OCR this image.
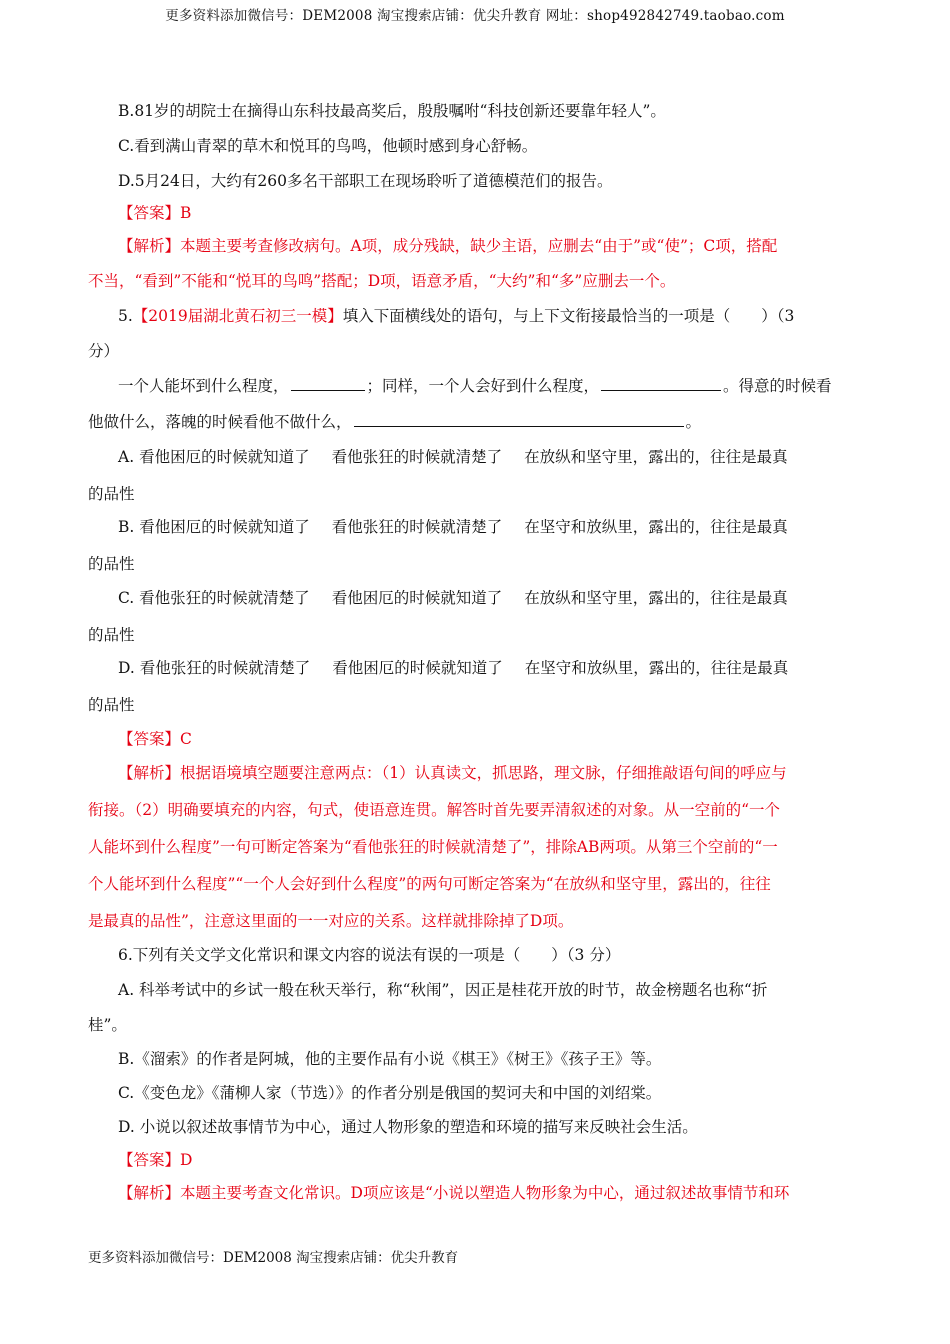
更多资料添加微信号：DEM2008 淘宝搜索店铺：优尖升教育 网址：shop492842749.taobao.com
B.81岁的胡院士在摘得山东科技最高奖后，殷殷嘱咐“科技创新还要靠年轻人”。
C.看到满山青翠的草木和悦耳的鸟鸣，他顿时感到身心舒畅。
D.5月24日，大约有260多名干部职工在现场聆听了道德模范们的报告。
【答案】B
【解析】本题主要考查修改病句。A项，成分残缺，缺少主语，应删去“由于”或“使”；C项，搭配
不当，“看到”不能和“悦耳的鸟鸣”搭配；D项，语意矛盾，“大约”和“多”应删去一个。
5.【2019届湖北黄石初三一模】填入下面横线处的语句，与上下文衔接最恰当的一项是（　　）（3
分）
一个人能坏到什么程度，	；同样，一个人会好到什么程度，	。得意的时候看
他做什么，落魄的时候看他不做什么，	。
A. 看他困厄的时候就知道了 看他张狂的时候就清楚了 在放纵和坚守里，露出的，往往是最真
的品性
B. 看他困厄的时候就知道了 看他张狂的时候就清楚了 在坚守和放纵里，露出的，往往是最真
的品性
C. 看他张狂的时候就清楚了 看他困厄的时候就知道了 在放纵和坚守里，露出的，往往是最真
的品性
D. 看他张狂的时候就清楚了 看他困厄的时候就知道了 在坚守和放纵里，露出的，往往是最真
的品性
【答案】C
【解析】根据语境填空题要注意两点：（1）认真读文，抓思路，理文脉，仔细推敲语句间的呼应与
衔接。（2）明确要填充的内容，句式，使语意连贯。解答时首先要弄清叙述的对象。从一空前的“一个
人能坏到什么程度”一句可断定答案为“看他张狂的时候就清楚了”，排除AB两项。从第三个空前的“一
个人能坏到什么程度”“一个人会好到什么程度”的两句可断定答案为“在放纵和坚守里，露出的，往往
是最真的品性”，注意这里面的一一对应的关系。这样就排除掉了D项。
6.下列有关文学文化常识和课文内容的说法有误的一项是（　　）（3 分）
A. 科举考试中的乡试一般在秋天举行，称“秋闱”，因正是桂花开放的时节，故金榜题名也称“折
桂”。
B.《溜索》的作者是阿城，他的主要作品有小说《棋王》《树王》《孩子王》等。
C.《变色龙》《蒲柳人家（节选）》的作者分别是俄国的契诃夫和中国的刘绍棠。
D. 小说以叙述故事情节为中心，通过人物形象的塑造和环境的描写来反映社会生活。
【答案】D
【解析】本题主要考查文化常识。D项应该是“小说以塑造人物形象为中心，通过叙述故事情节和环
更多资料添加微信号：DEM2008 淘宝搜索店铺：优尖升教育
